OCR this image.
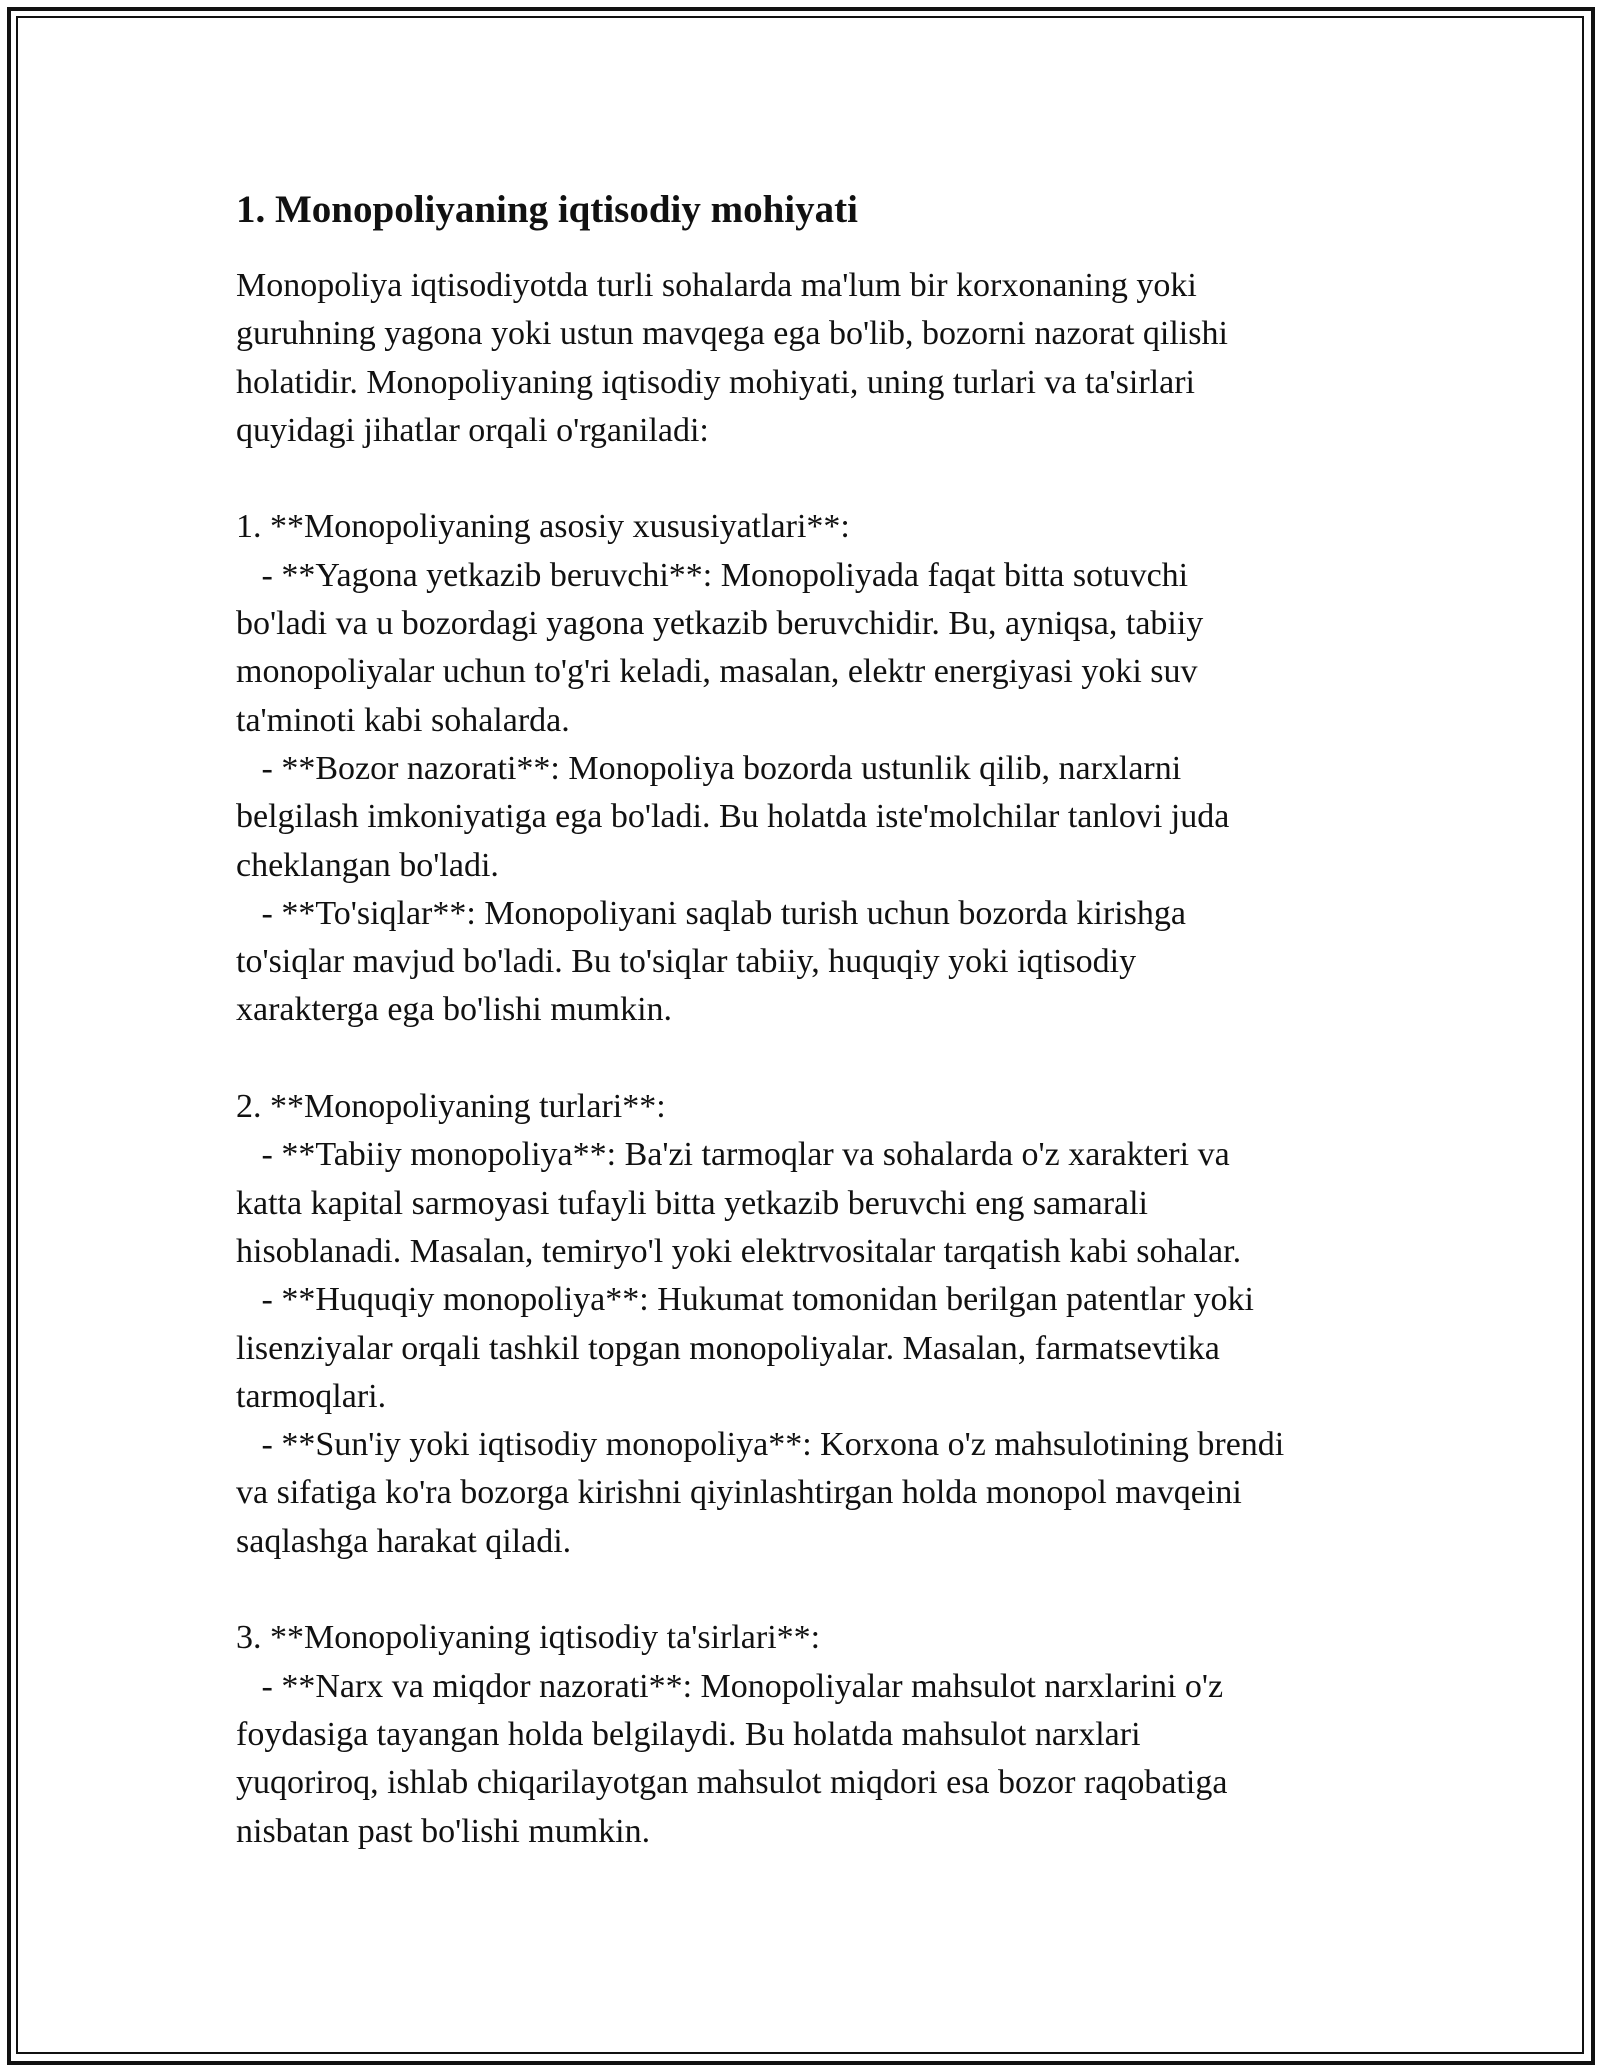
1. Monopoliyaning iqtisodiy mohiyati
Monopoliya iqtisodiyotda turli sohalarda ma'lum bir korxonaning yoki
guruhning yagona yoki ustun mavqega ega bo'lib, bozorni nazorat qilishi
holatidir. Monopoliyaning iqtisodiy mohiyati, uning turlari va ta'sirlari
quyidagi jihatlar orqali o'rganiladi:
1. **Monopoliyaning asosiy xususiyatlari**:
- **Yagona yetkazib beruvchi**: Monopoliyada faqat bitta sotuvchi
bo'ladi va u bozordagi yagona yetkazib beruvchidir. Bu, ayniqsa, tabiiy
monopoliyalar uchun to'g'ri keladi, masalan, elektr energiyasi yoki suv
ta'minoti kabi sohalarda.
- **Bozor nazorati**: Monopoliya bozorda ustunlik qilib, narxlarni
belgilash imkoniyatiga ega bo'ladi. Bu holatda iste'molchilar tanlovi juda
cheklangan bo'ladi.
- **To'siqlar**: Monopoliyani saqlab turish uchun bozorda kirishga
to'siqlar mavjud bo'ladi. Bu to'siqlar tabiiy, huquqiy yoki iqtisodiy
xarakterga ega bo'lishi mumkin.
2. **Monopoliyaning turlari**:
- **Tabiiy monopoliya**: Ba'zi tarmoqlar va sohalarda o'z xarakteri va
katta kapital sarmoyasi tufayli bitta yetkazib beruvchi eng samarali
hisoblanadi. Masalan, temiryo'l yoki elektrvositalar tarqatish kabi sohalar.
- **Huquqiy monopoliya**: Hukumat tomonidan berilgan patentlar yoki
lisenziyalar orqali tashkil topgan monopoliyalar. Masalan, farmatsevtika
tarmoqlari.
- **Sun'iy yoki iqtisodiy monopoliya**: Korxona o'z mahsulotining brendi
va sifatiga ko'ra bozorga kirishni qiyinlashtirgan holda monopol mavqeini
saqlashga harakat qiladi.
3. **Monopoliyaning iqtisodiy ta'sirlari**:
- **Narx va miqdor nazorati**: Monopoliyalar mahsulot narxlarini o'z
foydasiga tayangan holda belgilaydi. Bu holatda mahsulot narxlari
yuqoriroq, ishlab chiqarilayotgan mahsulot miqdori esa bozor raqobatiga
nisbatan past bo'lishi mumkin.
